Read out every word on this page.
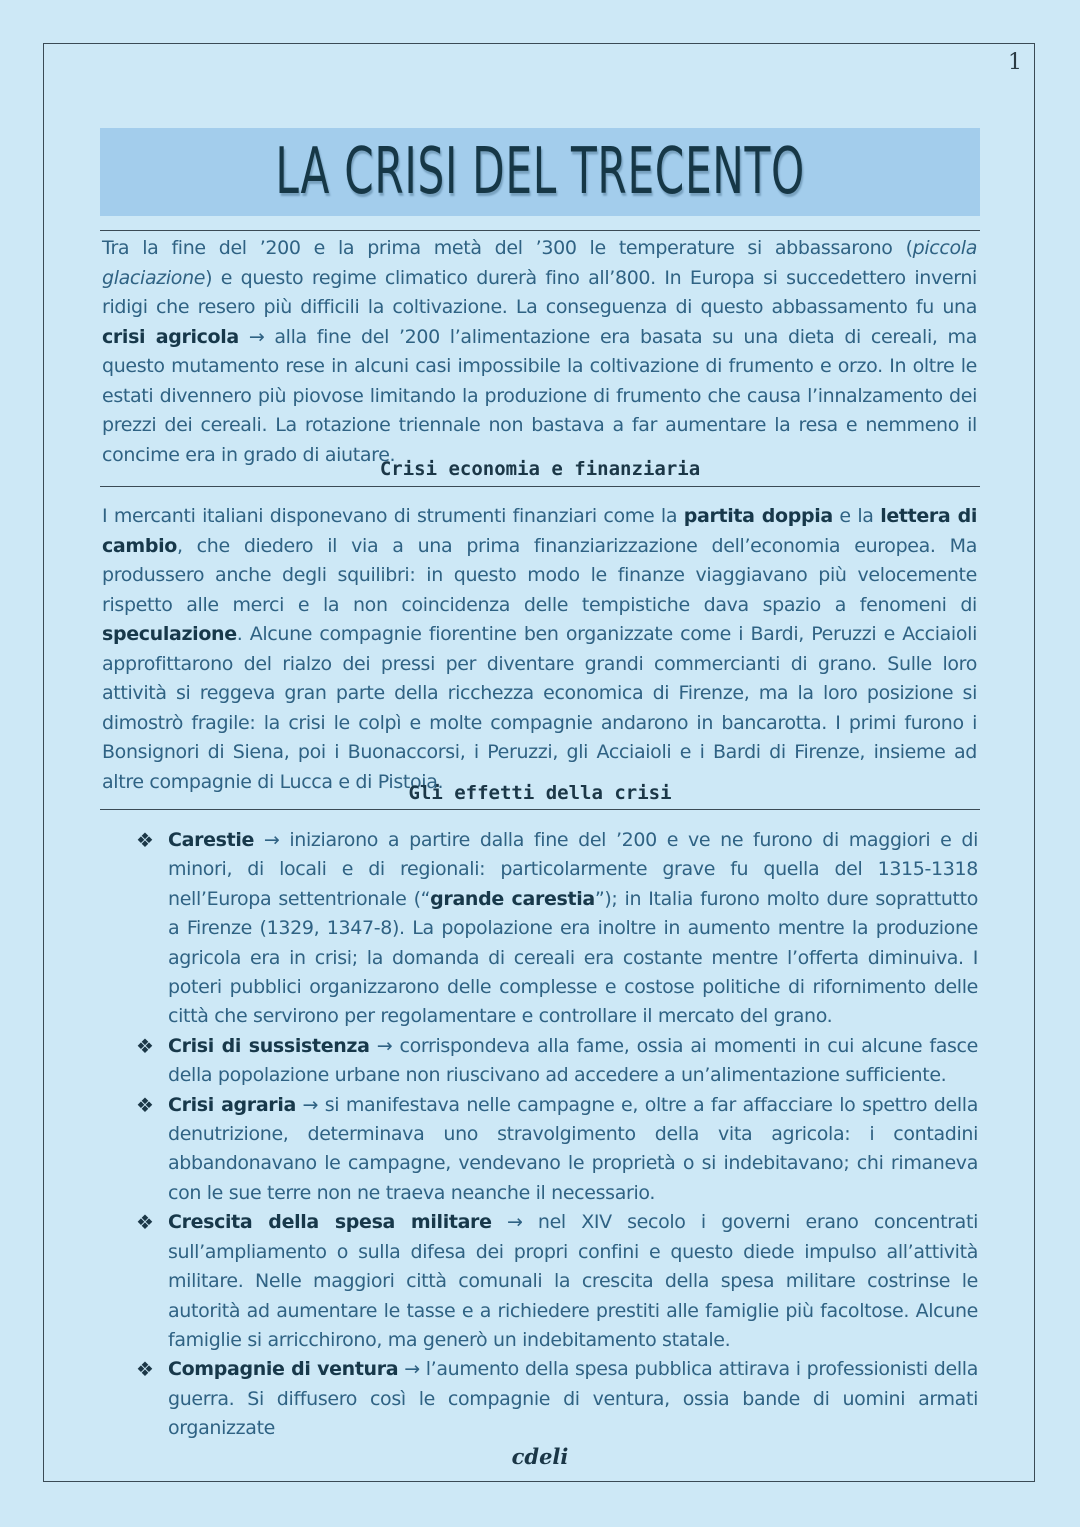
1
LA CRISI DEL TRECENTO

Tra la fine del ’200 e la prima metà del ’300 le temperature si abbassarono (piccola glaciazione) e questo regime climatico durerà fino all’800. In Europa si succedettero inverni ridigi che resero più difficili la coltivazione. La conseguenza di questo abbassamento fu una crisi agricola → alla fine del ’200 l’alimentazione era basata su una dieta di cereali, ma questo mutamento rese in alcuni casi impossibile la coltivazione di frumento e orzo. In oltre le estati divennero più piovose limitando la produzione di frumento che causa l’innalzamento dei prezzi dei cereali. La rotazione triennale non bastava a far aumentare la resa e nemmeno il concime era in grado di aiutare.

Crisi economia e finanziaria

I mercanti italiani disponevano di strumenti finanziari come la partita doppia e la lettera di cambio, che diedero il via a una prima finanziarizzazione dell’economia europea. Ma produssero anche degli squilibri: in questo modo le finanze viaggiavano più velocemente rispetto alle merci e la non coincidenza delle tempistiche dava spazio a fenomeni di speculazione. Alcune compagnie fiorentine ben organizzate come i Bardi, Peruzzi e Acciaioli approfittarono del rialzo dei pressi per diventare grandi commercianti di grano. Sulle loro attività si reggeva gran parte della ricchezza economica di Firenze, ma la loro posizione si dimostrò fragile: la crisi le colpì e molte compagnie andarono in bancarotta. I primi furono i Bonsignori di Siena, poi i Buonaccorsi, i Peruzzi, gli Acciaioli e i Bardi di Firenze, insieme ad altre compagnie di Lucca e di Pistoia.

Gli effetti della crisi
❖ Carestie → iniziarono a partire dalla fine del ’200 e ve ne furono di maggiori e di minori, di locali e di regionali: particolarmente grave fu quella del 1315-1318 nell’Europa settentrionale (“grande carestia”); in Italia furono molto dure soprattutto a Firenze (1329, 1347-8). La popolazione era inoltre in aumento mentre la produzione agricola era in crisi; la domanda di cereali era costante mentre l’offerta diminuiva. I poteri pubblici organizzarono delle complesse e costose politiche di rifornimento delle città che servirono per regolamentare e controllare il mercato del grano.
❖ Crisi di sussistenza → corrispondeva alla fame, ossia ai momenti in cui alcune fasce della popolazione urbane non riuscivano ad accedere a un’alimentazione sufficiente.
❖ Crisi agraria → si manifestava nelle campagne e, oltre a far affacciare lo spettro della denutrizione, determinava uno stravolgimento della vita agricola: i contadini abbandonavano le campagne, vendevano le proprietà o si indebitavano; chi rimaneva con le sue terre non ne traeva neanche il necessario.
❖ Crescita della spesa militare → nel XIV secolo i governi erano concentrati sull’ampliamento o sulla difesa dei propri confini e questo diede impulso all’attività militare. Nelle maggiori città comunali la crescita della spesa militare costrinse le autorità ad aumentare le tasse e a richiedere prestiti alle famiglie più facoltose. Alcune famiglie si arricchirono, ma generò un indebitamento statale.
❖ Compagnie di ventura → l’aumento della spesa pubblica attirava i professionisti della guerra. Si diffusero così le compagnie di ventura, ossia bande di uomini armati organizzate
cdeli
